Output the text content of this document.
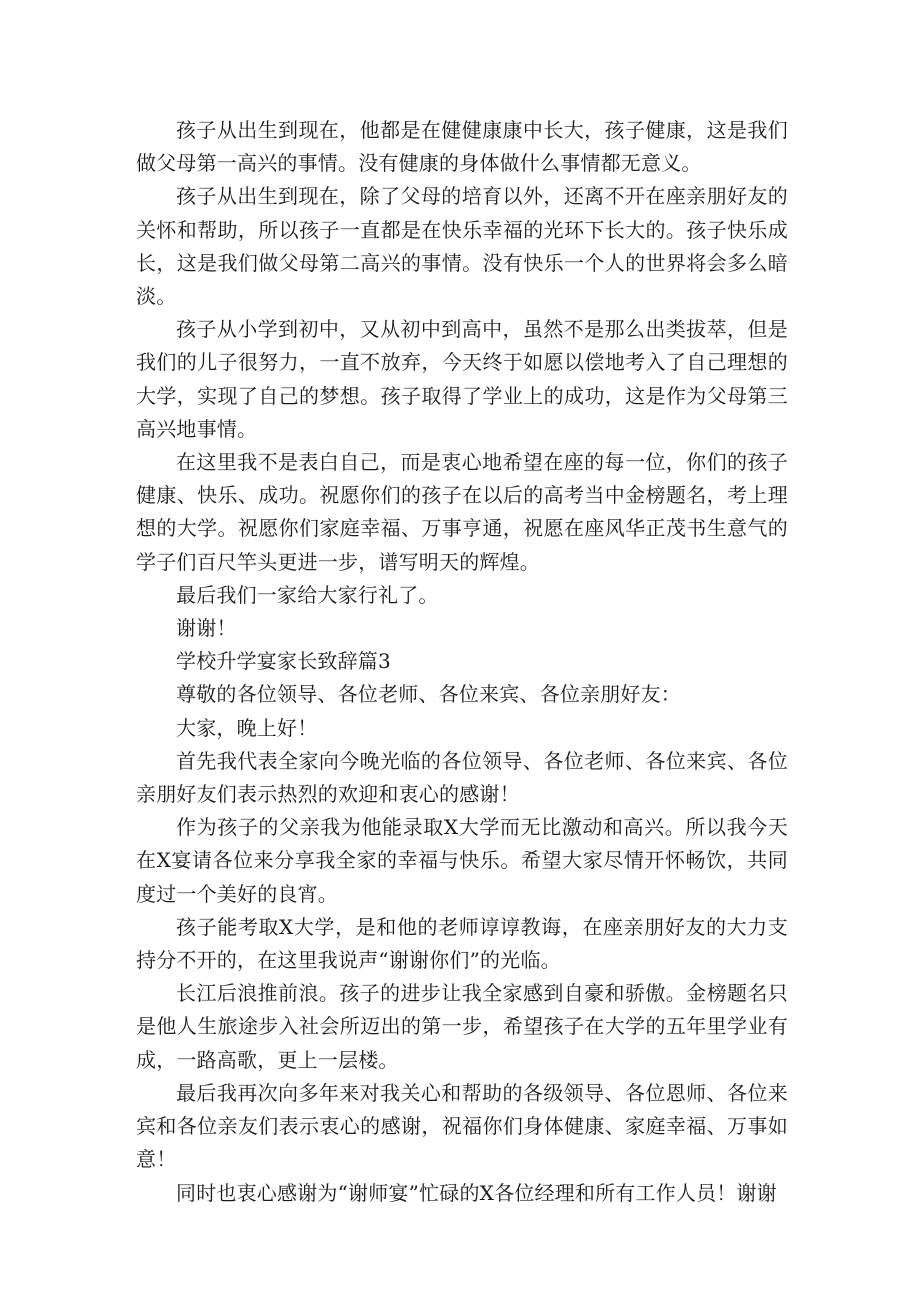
孩子从出生到现在，他都是在健健康康中长大，孩子健康，这是我们做父母第一高兴的事情。没有健康的身体做什么事情都无意义。

孩子从出生到现在，除了父母的培育以外，还离不开在座亲朋好友的关怀和帮助，所以孩子一直都是在快乐幸福的光环下长大的。孩子快乐成长，这是我们做父母第二高兴的事情。没有快乐一个人的世界将会多么暗淡。

孩子从小学到初中，又从初中到高中，虽然不是那么出类拔萃，但是我们的儿子很努力，一直不放弃，今天终于如愿以偿地考入了自己理想的大学，实现了自己的梦想。孩子取得了学业上的成功，这是作为父母第三高兴地事情。

在这里我不是表白自己，而是衷心地希望在座的每一位，你们的孩子健康、快乐、成功。祝愿你们的孩子在以后的高考当中金榜题名，考上理想的大学。祝愿你们家庭幸福、万事亨通，祝愿在座风华正茂书生意气的学子们百尺竿头更进一步，谱写明天的辉煌。

最后我们一家给大家行礼了。

谢谢！

学校升学宴家长致辞篇3

尊敬的各位领导、各位老师、各位来宾、各位亲朋好友：

大家，晚上好！

首先我代表全家向今晚光临的各位领导、各位老师、各位来宾、各位亲朋好友们表示热烈的欢迎和衷心的感谢！

作为孩子的父亲我为他能录取X大学而无比激动和高兴。所以我今天在X宴请各位来分享我全家的幸福与快乐。希望大家尽情开怀畅饮，共同度过一个美好的良宵。

孩子能考取X大学，是和他的老师谆谆教诲，在座亲朋好友的大力支持分不开的，在这里我说声“谢谢你们”的光临。

长江后浪推前浪。孩子的进步让我全家感到自豪和骄傲。金榜题名只是他人生旅途步入社会所迈出的第一步，希望孩子在大学的五年里学业有成，一路高歌，更上一层楼。

最后我再次向多年来对我关心和帮助的各级领导、各位恩师、各位来宾和各位亲友们表示衷心的感谢，祝福你们身体健康、家庭幸福、万事如意！

同时也衷心感谢为“谢师宴”忙碌的X各位经理和所有工作人员！谢谢
